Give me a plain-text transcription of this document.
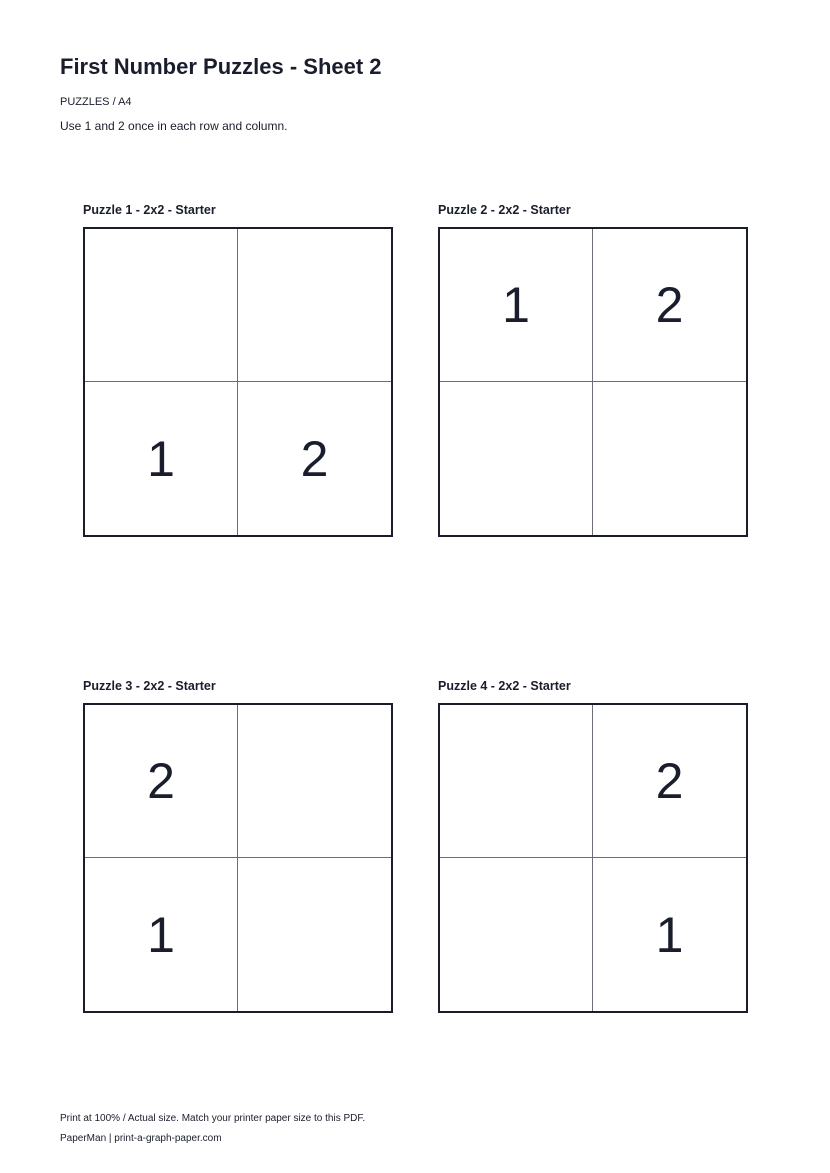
First Number Puzzles - Sheet 2
PUZZLES / A4
Use 1 and 2 once in each row and column.
Puzzle 1 - 2x2 - Starter
1	2
Puzzle 2 - 2x2 - Starter
1	2
Puzzle 3 - 2x2 - Starter
2
1
Puzzle 4 - 2x2 - Starter
2
1
Print at 100% / Actual size. Match your printer paper size to this PDF.
PaperMan | print-a-graph-paper.com
